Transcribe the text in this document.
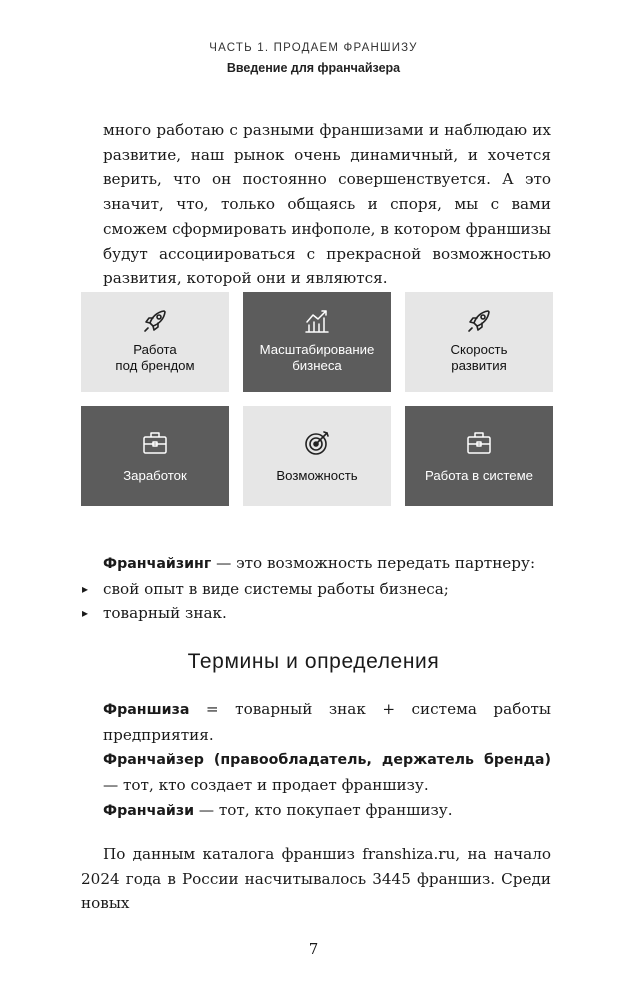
ЧАСТЬ 1. ПРОДАЕМ ФРАНШИЗУ
Введение для франчайзера

много работаю с разными франшизами и наблюдаю их развитие, наш рынок очень динамичный, и хочется верить, что он постоянно совершенствуется. А это значит, что, только общаясь и споря, мы с вами сможем сформировать инфополе, в котором франшизы будут ассоциироваться с прекрасной возможностью развития, которой они и являются.

Работа
под брендом
Масштабирование
бизнеса
Скорость
развития
Заработок	Возможность	Работа в системе

Франчайзинг — это возможность передать партнеру:

▸ свой опыт в виде системы работы бизнеса;

▸ товарный знак.

Термины и определения

Франшиза = товарный знак + система работы предприятия.

Франчайзер (правообладатель, держатель бренда) — тот, кто создает и продает франшизу.

Франчайзи — тот, кто покупает франшизу.

По данным каталога франшиз franshiza.ru, на начало 2024 года в России насчитывалось 3445 франшиз. Среди новых

7
